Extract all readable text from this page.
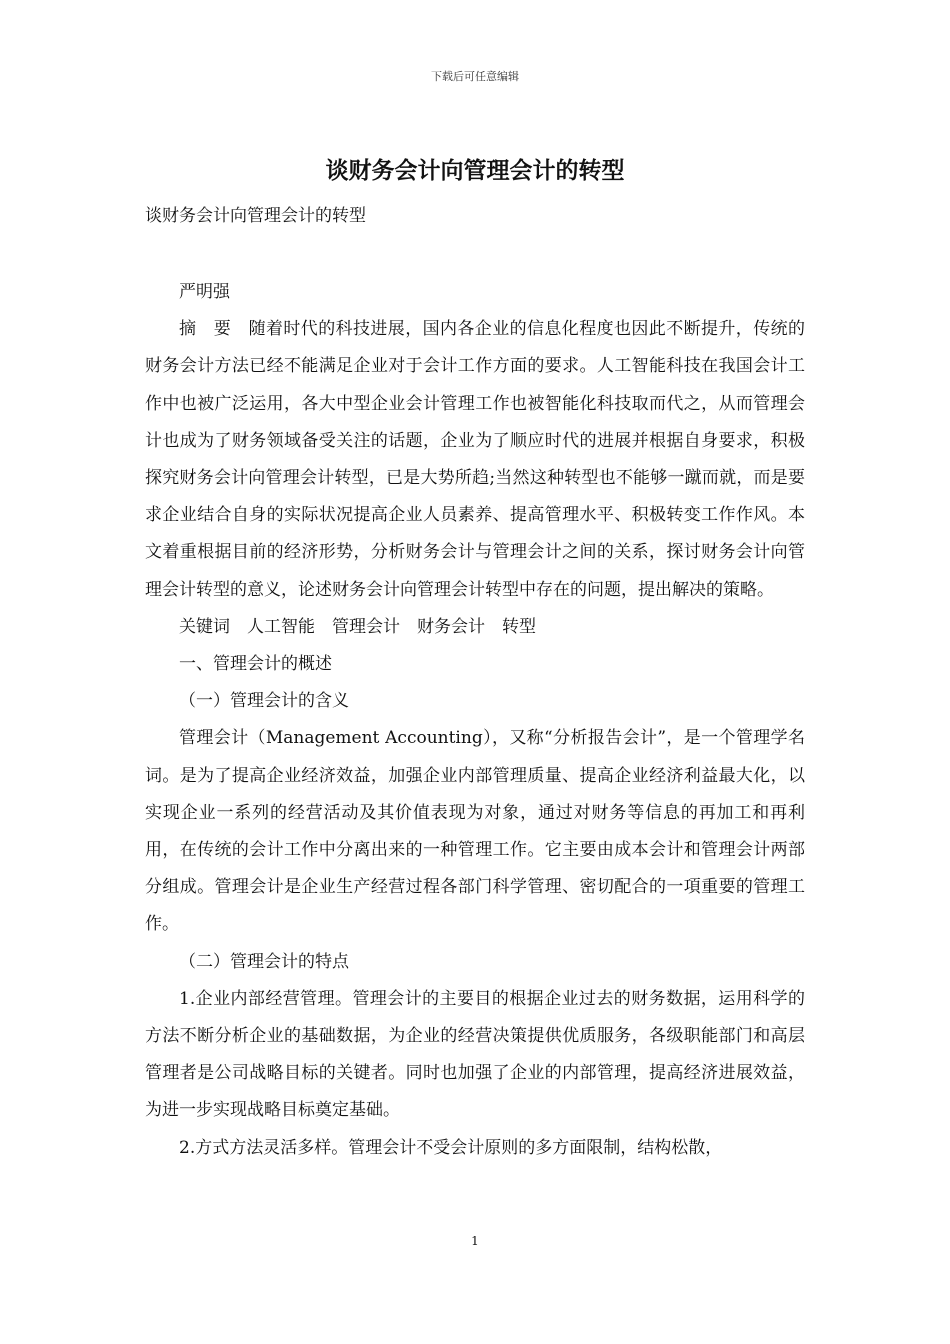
下载后可任意编辑
谈财务会计向管理会计的转型

谈财务会计向管理会计的转型

严明强

摘　要　随着时代的科技进展，国内各企业的信息化程度也因此不断提升，传统的财务会计方法已经不能满足企业对于会计工作方面的要求。人工智能科技在我国会计工作中也被广泛运用，各大中型企业会计管理工作也被智能化科技取而代之，从而管理会计也成为了财务领域备受关注的话题，企业为了顺应时代的进展并根据自身要求，积极探究财务会计向管理会计转型，已是大势所趋;当然这种转型也不能够一蹴而就，而是要求企业结合自身的实际状况提高企业人员素养、提高管理水平、积极转变工作作风。本文着重根据目前的经济形势，分析财务会计与管理会计之间的关系，探讨财务会计向管理会计转型的意义，论述财务会计向管理会计转型中存在的问题，提出解决的策略。

关键词　人工智能　管理会计　财务会计　转型

一、管理会计的概述

（一）管理会计的含义

管理会计（Management Accounting），又称“分析报告会计”，是一个管理学名词。是为了提高企业经济效益，加强企业内部管理质量、提高企业经济利益最大化，以实现企业一系列的经营活动及其价值表现为对象，通过对财务等信息的再加工和再利用，在传统的会计工作中分离出来的一种管理工作。它主要由成本会计和管理会计两部分组成。管理会计是企业生产经营过程各部门科学管理、密切配合的一項重要的管理工作。

（二）管理会计的特点

1.企业内部经营管理。管理会计的主要目的根据企业过去的财务数据，运用科学的方法不断分析企业的基础数据，为企业的经营决策提供优质服务，各级职能部门和高层管理者是公司战略目标的关键者。同时也加强了企业的内部管理，提高经济进展效益，为进一步实现战略目标奠定基础。

2.方式方法灵活多样。管理会计不受会计原则的多方面限制，结构松散，

1
